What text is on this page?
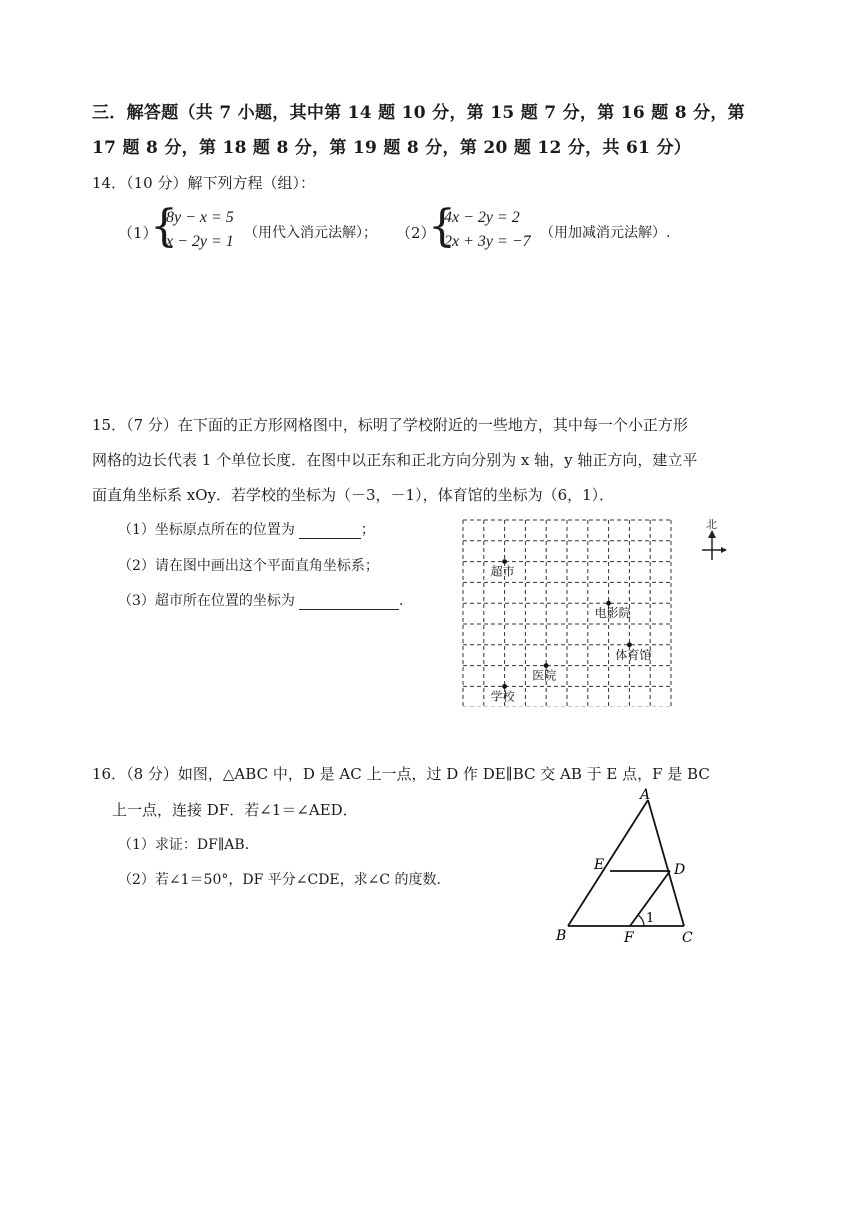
三．解答题（共 7 小题，其中第 14 题 10 分，第 15 题 7 分，第 16 题 8 分，第
17 题 8 分，第 18 题 8 分，第 19 题 8 分，第 20 题 12 分，共 61 分）
14．（10 分）解下列方程（组）：
（1）
{
8y − x = 5
x − 2y = 1 （用代入消元法解）； （2）
{
4x − 2y = 2
2x + 3y = −7 （用加减消元法解）.
15．（7 分）在下面的正方形网格图中，标明了学校附近的一些地方，其中每一个小正方形
网格的边长代表 1 个单位长度．在图中以正东和正北方向分别为 x 轴，y 轴正方向，建立平
面直角坐标系 xOy．若学校的坐标为（－3，－1），体育馆的坐标为（6，1）．
（1）坐标原点所在的位置为	；
（2）请在图中画出这个平面直角坐标系；
（3）超市所在位置的坐标为	.
超市
电影院
体育馆
医院
学校
北
16．（8 分）如图，△ABC 中，D 是 AC 上一点，过 D 作 DE∥BC 交 AB 于 E 点，F 是 BC
上一点，连接 DF．若∠1＝∠AED．
（1）求证：DF∥AB．
（2）若∠1＝50°，DF 平分∠CDE，求∠C 的度数．
1
A
E	D
B	F	C
